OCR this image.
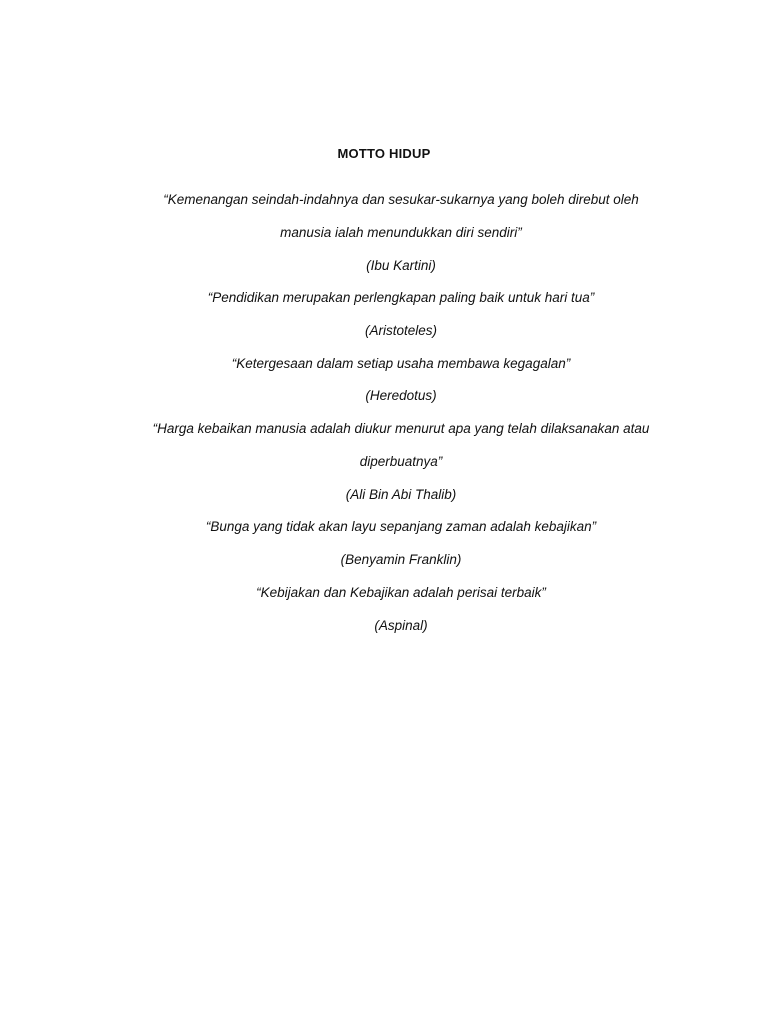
MOTTO HIDUP
“Kemenangan seindah-indahnya dan sesukar-sukarnya yang boleh direbut oleh
manusia ialah menundukkan diri sendiri”
(Ibu Kartini)
“Pendidikan merupakan perlengkapan paling baik untuk hari tua”
(Aristoteles)
“Ketergesaan dalam setiap usaha membawa kegagalan”
(Heredotus)
“Harga kebaikan manusia adalah diukur menurut apa yang telah dilaksanakan atau
diperbuatnya”
(Ali Bin Abi Thalib)
“Bunga yang tidak akan layu sepanjang zaman adalah kebajikan”
(Benyamin Franklin)
“Kebijakan dan Kebajikan adalah perisai terbaik”
(Aspinal)
